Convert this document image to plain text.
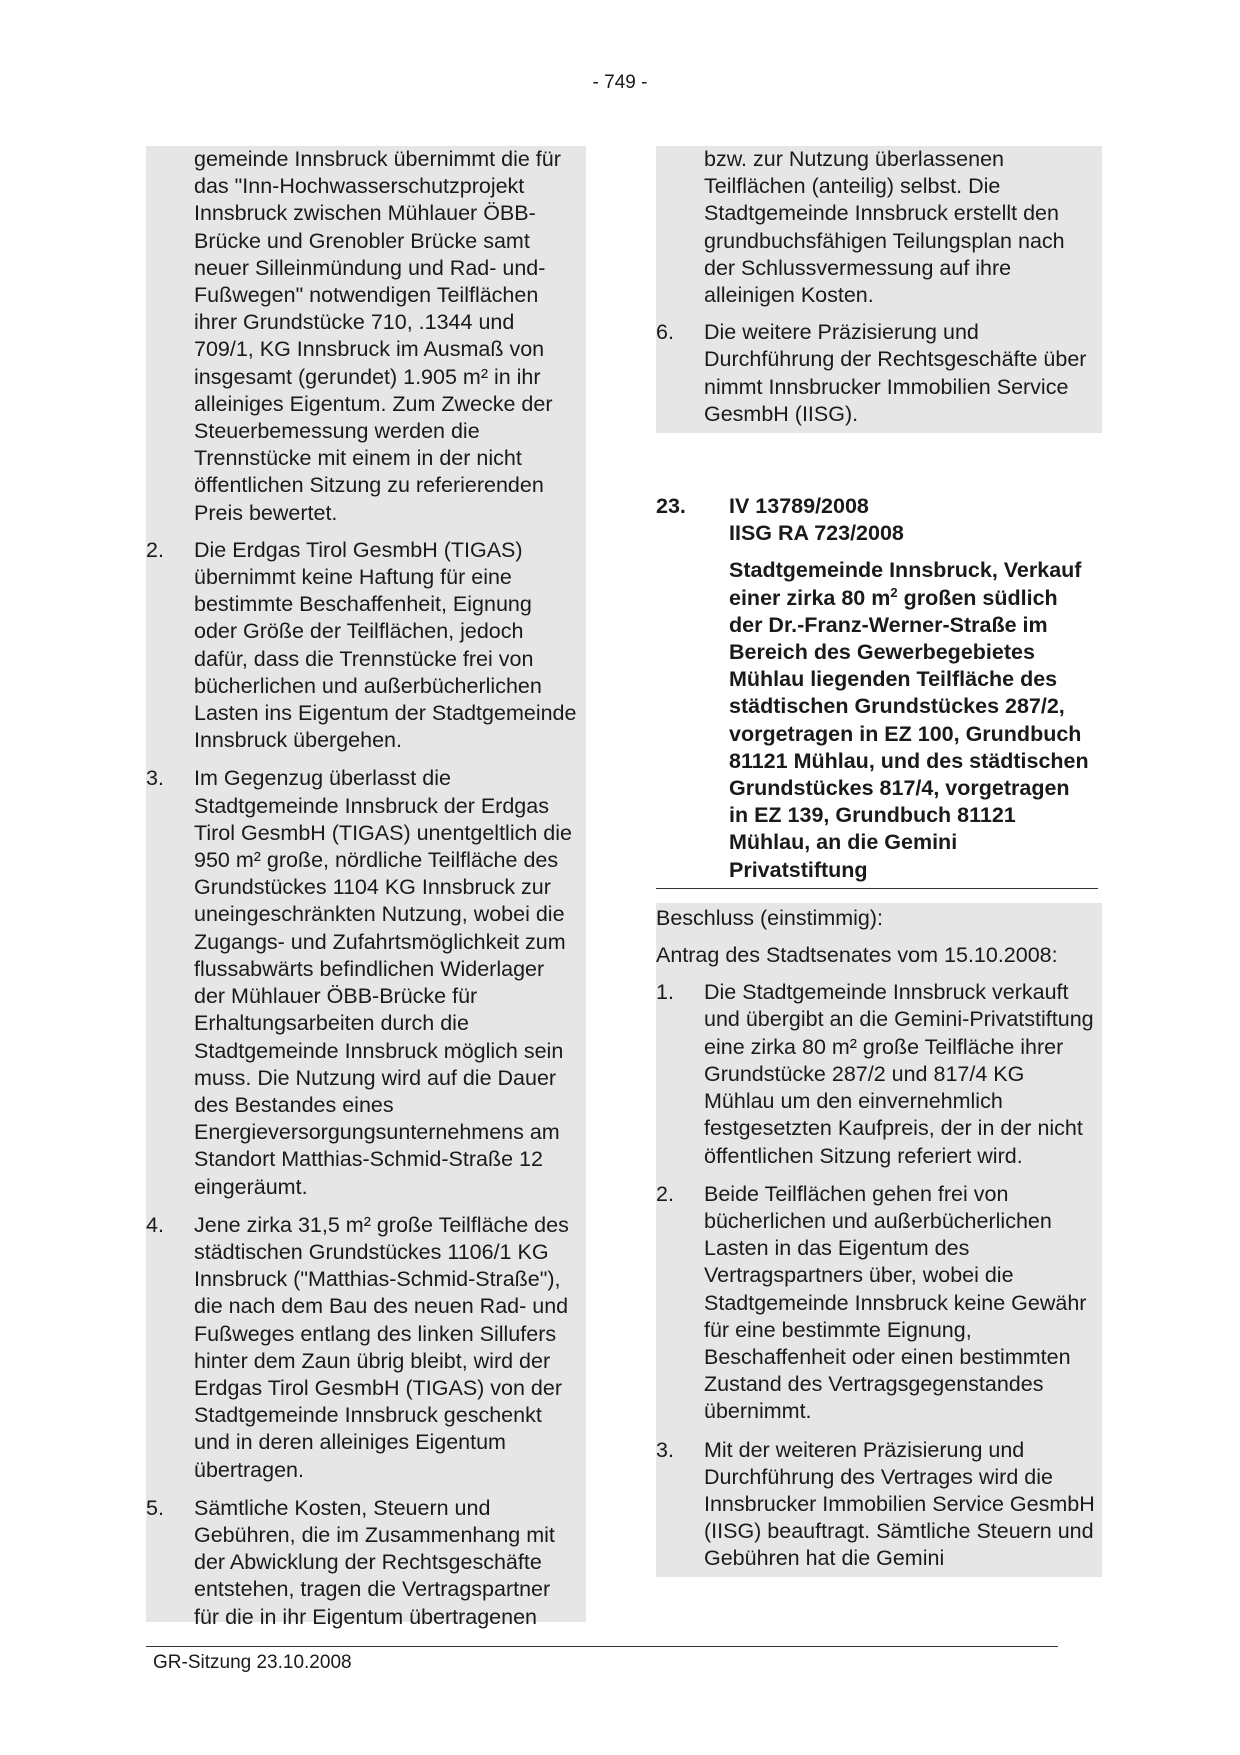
- 749 -
gemeinde Innsbruck übernimmt die für das "Inn-Hochwasserschutzprojekt Innsbruck zwischen Mühlauer ÖBB-Brücke und Grenobler Brücke samt neuer Silleinmündung und Rad- und-Fußwegen" notwendigen Teilflächen ihrer Grundstücke 710, .1344 und 709/1, KG Innsbruck im Ausmaß von insgesamt (gerundet) 1.905 m² in ihr alleiniges Eigentum. Zum Zwecke der Steuerbemessung werden die Trennstücke mit einem in der nicht öffentlichen Sitzung zu referierenden Preis bewertet.
2.	Die Erdgas Tirol GesmbH (TIGAS) übernimmt keine Haftung für eine bestimmte Beschaffenheit, Eignung oder Größe der Teilflächen, jedoch dafür, dass die Trennstücke frei von bücherlichen und außerbücherlichen Lasten ins Eigentum der Stadtgemeinde Innsbruck übergehen.
3.	Im Gegenzug überlasst die Stadtgemeinde Innsbruck der Erdgas Tirol GesmbH (TIGAS) unentgeltlich die 950 m² große, nördliche Teilfläche des Grundstückes 1104 KG Innsbruck zur uneingeschränkten Nutzung, wobei die Zugangs- und Zufahrtsmöglichkeit zum flussabwärts befindlichen Widerlager der Mühlauer ÖBB-Brücke für Erhaltungsarbeiten durch die Stadtgemeinde Innsbruck möglich sein muss. Die Nutzung wird auf die Dauer des Bestandes eines Energieversorgungsunternehmens am Standort Matthias-Schmid-Straße 12 eingeräumt.
4.	Jene zirka 31,5 m² große Teilfläche des städtischen Grundstückes 1106/1 KG Innsbruck ("Matthias-Schmid-Straße"), die nach dem Bau des neuen Rad- und Fußweges entlang des linken Sillufers hinter dem Zaun übrig bleibt, wird der Erdgas Tirol GesmbH (TIGAS) von der Stadtgemeinde Innsbruck geschenkt und in deren alleiniges Eigentum übertragen.
5.	Sämtliche Kosten, Steuern und Gebühren, die im Zusammenhang mit der Abwicklung der Rechtsgeschäfte entstehen, tragen die Vertragspartner für die in ihr Eigentum übertragenen
bzw. zur Nutzung überlassenen Teilflächen (anteilig) selbst. Die Stadtgemeinde Innsbruck erstellt den grundbuchsfähigen Teilungsplan nach der Schlussvermessung auf ihre alleinigen Kosten.
6.	Die weitere Präzisierung und Durchführung der Rechtsgeschäfte über nimmt Innsbrucker Immobilien Service GesmbH (IISG).
23.	IV 13789/2008
IISG RA 723/2008
Stadtgemeinde Innsbruck, Verkauf einer zirka 80 $m^2$ großen südlich der Dr.-Franz-Werner-Straße im Bereich des Gewerbegebietes Mühlau liegenden Teilfläche des städtischen Grundstückes 287/2, vorgetragen in EZ 100, Grundbuch 81121 Mühlau, und des städtischen Grundstückes 817/4, vorgetragen in EZ 139, Grundbuch 81121 Mühlau, an die Gemini Privatstiftung
Beschluss (einstimmig):
Antrag des Stadtsenates vom 15.10.2008:
1.	Die Stadtgemeinde Innsbruck verkauft und übergibt an die Gemini-Privatstiftung eine zirka 80 m² große Teilfläche ihrer Grundstücke 287/2 und 817/4 KG Mühlau um den einvernehmlich festgesetzten Kaufpreis, der in der nicht öffentlichen Sitzung referiert wird.
2.	Beide Teilflächen gehen frei von bücherlichen und außerbücherlichen Lasten in das Eigentum des Vertragspartners über, wobei die Stadtgemeinde Innsbruck keine Gewähr für eine bestimmte Eignung, Beschaffenheit oder einen bestimmten Zustand des Vertragsgegenstandes übernimmt.
3.	Mit der weiteren Präzisierung und Durchführung des Vertrages wird die Innsbrucker Immobilien Service GesmbH (IISG) beauftragt. Sämtliche Steuern und Gebühren hat die Gemini
GR-Sitzung 23.10.2008
